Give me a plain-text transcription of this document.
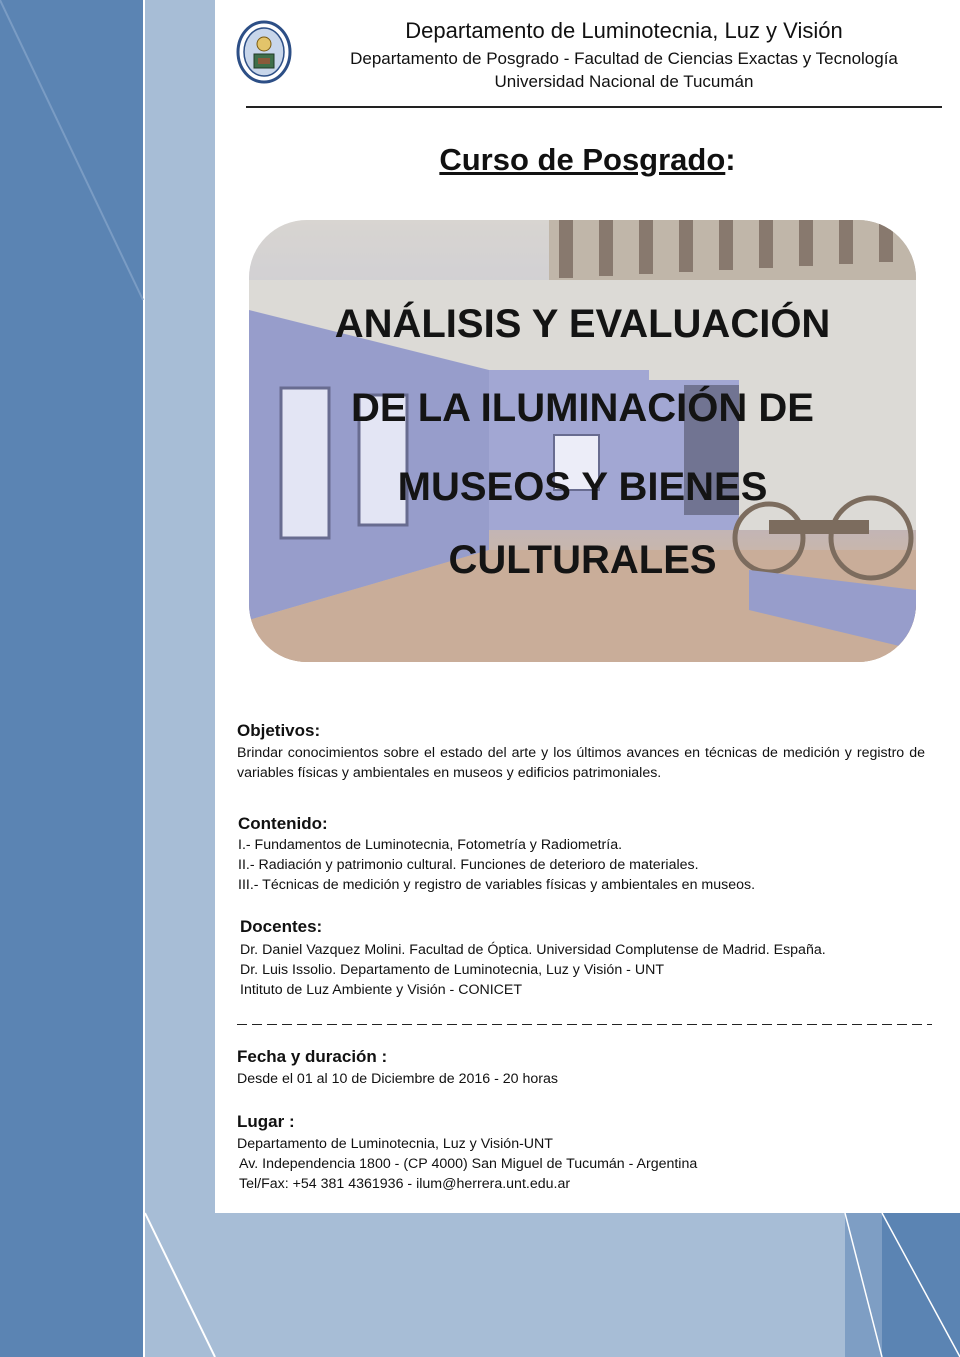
Departamento de Luminotecnia, Luz y Visión
Departamento de Posgrado - Facultad de Ciencias Exactas y Tecnología
Universidad Nacional de Tucumán
Curso de Posgrado:
ANÁLISIS Y EVALUACIÓN
DE LA ILUMINACIÓN DE
MUSEOS Y BIENES
CULTURALES
Objetivos:
Brindar conocimientos sobre el estado del arte y los últimos avances en técnicas de medición y registro de variables físicas y ambientales en museos y edificios patrimoniales.
Contenido:
I.- Fundamentos de Luminotecnia, Fotometría y Radiometría.
II.- Radiación y patrimonio cultural. Funciones de deterioro de materiales.
III.- Técnicas de medición y registro de variables físicas y ambientales en museos.
Docentes:
Dr. Daniel Vazquez Molini. Facultad de Óptica. Universidad Complutense de Madrid. España.
Dr. Luis Issolio. Departamento de Luminotecnia, Luz y Visión - UNT
Intituto de Luz Ambiente y Visión - CONICET
Fecha y duración :
Desde el 01 al 10 de Diciembre de 2016 - 20 horas
Lugar :
Departamento de Luminotecnia, Luz y Visión-UNT
Av. Independencia 1800 - (CP 4000) San Miguel de Tucumán - Argentina
Tel/Fax: +54 381 4361936 - ilum@herrera.unt.edu.ar
